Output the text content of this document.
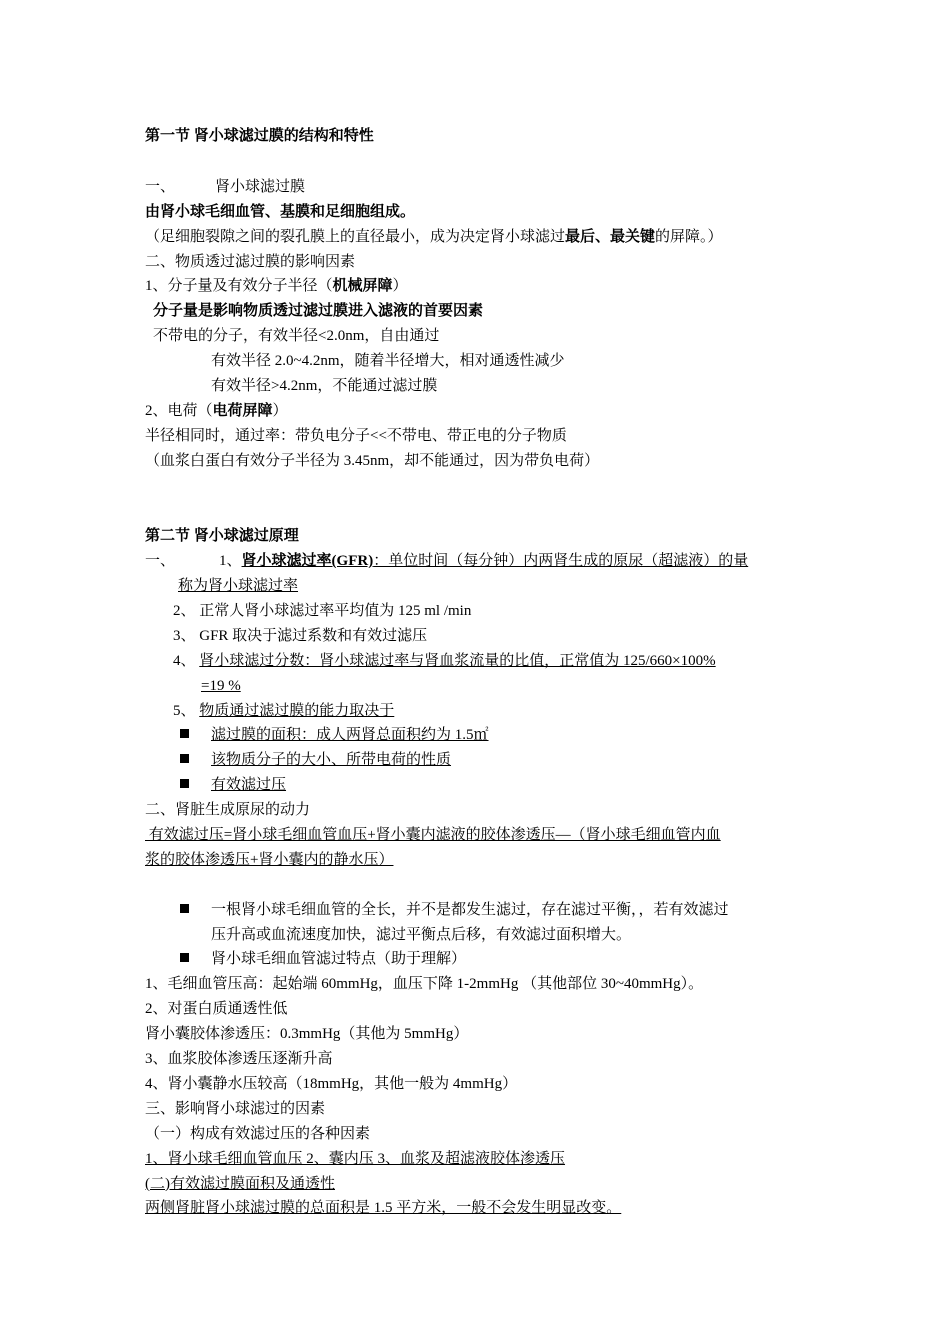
第一节 肾小球滤过膜的结构和特性
一、	肾小球滤过膜
由肾小球毛细血管、基膜和足细胞组成。
（足细胞裂隙之间的裂孔膜上的直径最小，成为决定肾小球滤过最后、最关键的屏障。）
二、物质透过滤过膜的影响因素
1、分子量及有效分子半径（机械屏障）
分子量是影响物质透过滤过膜进入滤液的首要因素
不带电的分子，有效半径<2.0nm，自由通过
有效半径 2.0~4.2nm，随着半径增大，相对通透性减少
有效半径>4.2nm，不能通过滤过膜
2、电荷（电荷屏障）
半径相同时，通过率：带负电分子<<不带电、带正电的分子物质
（血浆白蛋白有效分子半径为 3.45nm，却不能通过，因为带负电荷）
第二节 肾小球滤过原理
一、	1、肾小球滤过率(GFR)：单位时间（每分钟）内两肾生成的原尿（超滤液）的量
称为肾小球滤过率
2、 正常人肾小球滤过率平均值为 125 ml /min
3、 GFR 取决于滤过系数和有效过滤压
4、 肾小球滤过分数：肾小球滤过率与肾血浆流量的比值，正常值为 125/660×100%
=19 %
5、 物质通过滤过膜的能力取决于
滤过膜的面积：成人两肾总面积约为 1.5㎡
该物质分子的大小、所带电荷的性质
有效滤过压
二、肾脏生成原尿的动力
有效滤过压=肾小球毛细血管血压+肾小囊内滤液的胶体渗透压—（肾小球毛细血管内血
浆的胶体渗透压+肾小囊内的静水压）
一根肾小球毛细血管的全长，并不是都发生滤过，存在滤过平衡，，若有效滤过
压升高或血流速度加快，滤过平衡点后移，有效滤过面积增大。
肾小球毛细血管滤过特点（助于理解）
1、毛细血管压高：起始端 60mmHg，血压下降 1-2mmHg （其他部位 30~40mmHg）。
2、对蛋白质通透性低
肾小囊胶体渗透压：0.3mmHg（其他为 5mmHg）
3、血浆胶体渗透压逐渐升高
4、肾小囊静水压较高（18mmHg，其他一般为 4mmHg）
三、影响肾小球滤过的因素
（一）构成有效滤过压的各种因素
1、肾小球毛细血管血压 2、囊内压 3、血浆及超滤液胶体渗透压
(二)有效滤过膜面积及通透性
两侧肾脏肾小球滤过膜的总面积是 1.5 平方米，一般不会发生明显改变。
